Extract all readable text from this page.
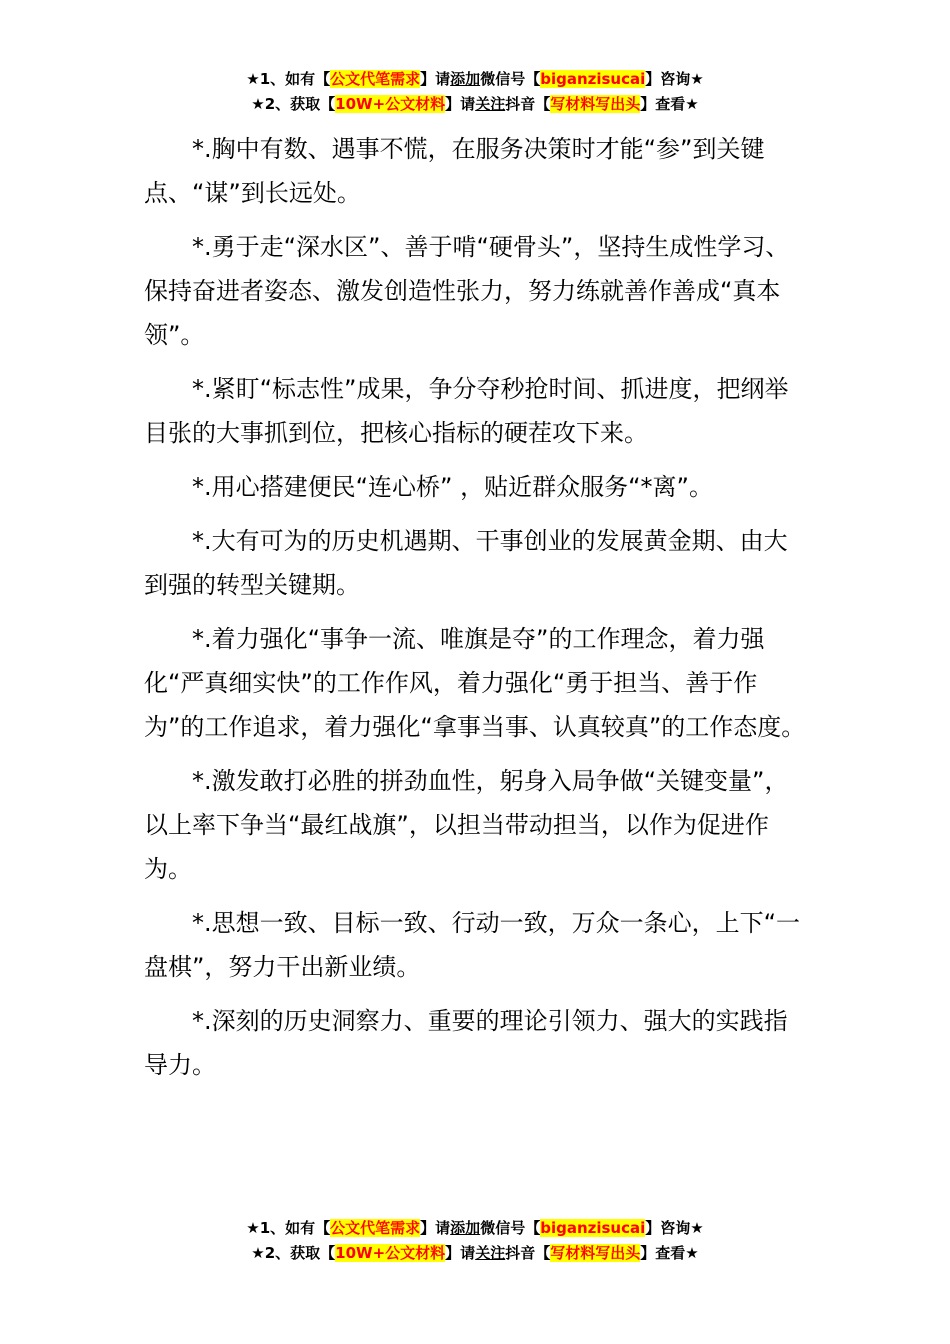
★1、如有【公文代笔需求】请添加微信号【biganzisucai】咨询★
★2、获取【10W+公文材料】请关注抖音【写材料写出头】查看★

*.胸中有数、遇事不慌，在服务决策时才能“参”到关键点、“谋”到长远处。

*.勇于走“深水区”、善于啃“硬骨头”，坚持生成性学习、保持奋进者姿态、激发创造性张力，努力练就善作善成“真本领”。

*.紧盯“标志性”成果，争分夺秒抢时间、抓进度，把纲举目张的大事抓到位，把核心指标的硬茬攻下来。

*.用心搭建便民“连心桥” ，贴近群众服务“*离”。

*.大有可为的历史机遇期、干事创业的发展黄金期、由大到强的转型关键期。

*.着力强化“事争一流、唯旗是夺”的工作理念，着力强化“严真细实快”的工作作风，着力强化“勇于担当、善于作为”的工作追求，着力强化“拿事当事、认真较真”的工作态度。

*.激发敢打必胜的拼劲血性，躬身入局争做“关键变量”，以上率下争当“最红战旗”，以担当带动担当，以作为促进作为。

*.思想一致、目标一致、行动一致，万众一条心，上下“一盘棋”，努力干出新业绩。

*.深刻的历史洞察力、重要的理论引领力、强大的实践指导力。

★1、如有【公文代笔需求】请添加微信号【biganzisucai】咨询★
★2、获取【10W+公文材料】请关注抖音【写材料写出头】查看★
